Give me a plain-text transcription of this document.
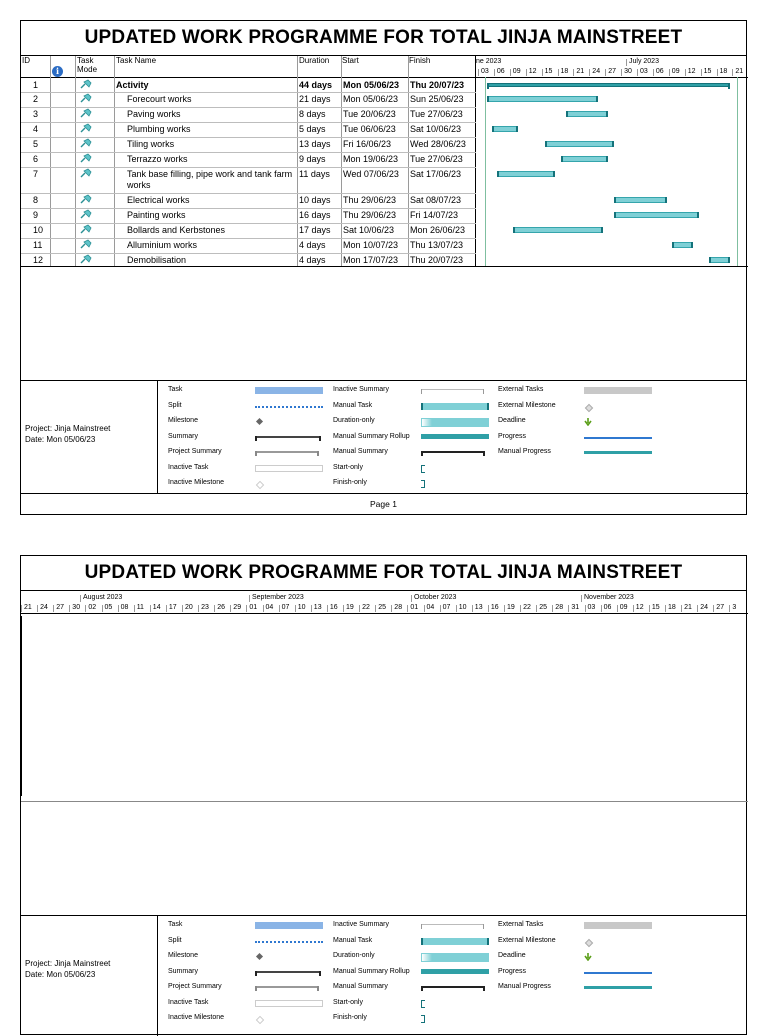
UPDATED WORK PROGRAMME FOR TOTAL JINJA MAINSTREET
ID
i
Task Mode
Task Name	Duration Start	Finish	ne 2023	July 2023
03 06 09 12 15 18 21 24 27 30 03 06 09 12 15 18 21
1	Activity	44 days Mon 05/06/23 Thu 20/07/23
2	Forecourt works	21 days Mon 05/06/23 Sun 25/06/23
3	Paving works	8 days Tue 20/06/23 Tue 27/06/23
4	Plumbing works	5 days Tue 06/06/23 Sat 10/06/23
5	Tiling works	13 days Fri 16/06/23 Wed 28/06/23
6	Terrazzo works	9 days Mon 19/06/23 Tue 27/06/23
7	Tank base filling, pipe work and tank farm works
11 days Wed 07/06/23 Sat 17/06/23
8	Electrical works	10 days Thu 29/06/23 Sat 08/07/23
9	Painting works	16 days Thu 29/06/23 Fri 14/07/23
10	Bollards and Kerbstones	17 days Sat 10/06/23 Mon 26/06/23
11	Alluminium works	4 days Mon 10/07/23 Thu 13/07/23
12	Demobilisation	4 days Mon 17/07/23 Thu 20/07/23
Project: Jinja Mainstreet
Date: Mon 05/06/23
Task
Split
Milestone
Summary
Project Summary
Inactive Task
Inactive Milestone
Inactive Summary
Manual Task
Duration-only
Manual Summary Rollup
Manual Summary
Start-only
Finish-only
External Tasks
External Milestone
Deadline
Progress
Manual Progress
Page 1
UPDATED WORK PROGRAMME FOR TOTAL JINJA MAINSTREET
August 2023	September 2023	October 2023	November 2023
21 24 27 30 02 05 08 11 14 17 20 23 26 29 01 04 07 10 13 16 19 22 25 28 01 04 07 10 13 16 19 22 25 28 31 03 06 09 12 15 18 21 24 27 3
Project: Jinja Mainstreet
Date: Mon 05/06/23
Task
Split
Milestone
Summary
Project Summary
Inactive Task
Inactive Milestone
Inactive Summary
Manual Task
Duration-only
Manual Summary Rollup
Manual Summary
Start-only
Finish-only
External Tasks
External Milestone
Deadline
Progress
Manual Progress
